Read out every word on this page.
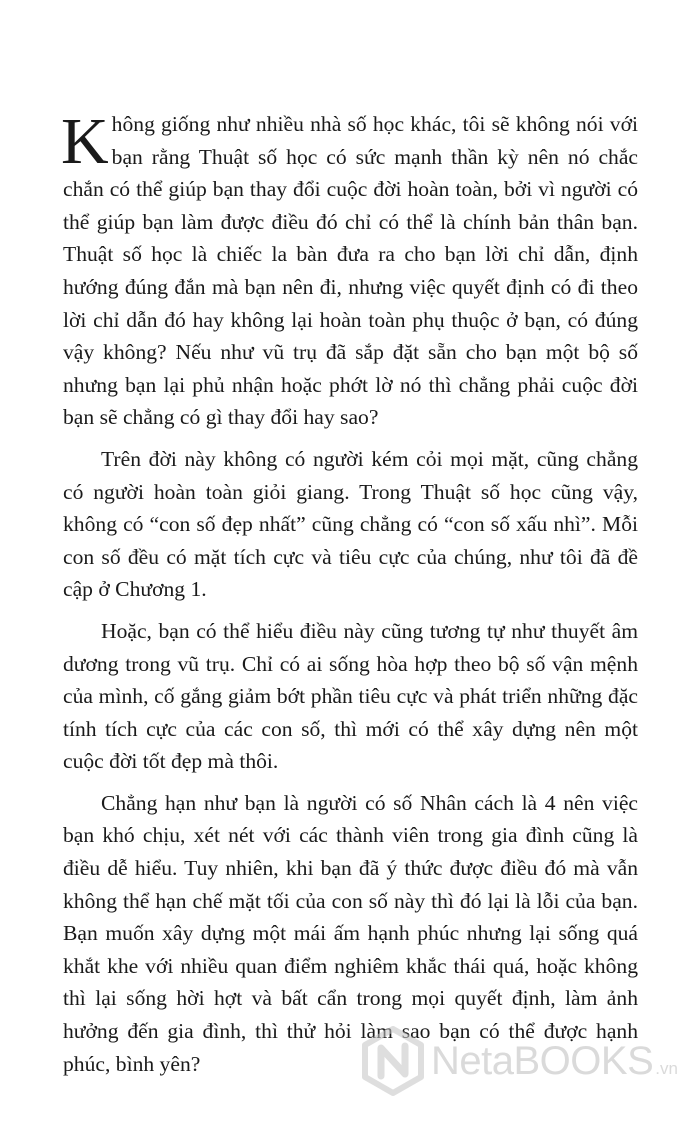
Không giống như nhiều nhà số học khác, tôi sẽ không nói với bạn rằng Thuật số học có sức mạnh thần kỳ nên nó chắc chắn có thể giúp bạn thay đổi cuộc đời hoàn toàn, bởi vì người có thể giúp bạn làm được điều đó chỉ có thể là chính bản thân bạn. Thuật số học là chiếc la bàn đưa ra cho bạn lời chỉ dẫn, định hướng đúng đắn mà bạn nên đi, nhưng việc quyết định có đi theo lời chỉ dẫn đó hay không lại hoàn toàn phụ thuộc ở bạn, có đúng vậy không? Nếu như vũ trụ đã sắp đặt sẵn cho bạn một bộ số nhưng bạn lại phủ nhận hoặc phớt lờ nó thì chẳng phải cuộc đời bạn sẽ chẳng có gì thay đổi hay sao?

Trên đời này không có người kém cỏi mọi mặt, cũng chẳng có người hoàn toàn giỏi giang. Trong Thuật số học cũng vậy, không có “con số đẹp nhất” cũng chẳng có “con số xấu nhì”. Mỗi con số đều có mặt tích cực và tiêu cực của chúng, như tôi đã đề cập ở Chương 1.

Hoặc, bạn có thể hiểu điều này cũng tương tự như thuyết âm dương trong vũ trụ. Chỉ có ai sống hòa hợp theo bộ số vận mệnh của mình, cố gắng giảm bớt phần tiêu cực và phát triển những đặc tính tích cực của các con số, thì mới có thể xây dựng nên một cuộc đời tốt đẹp mà thôi.

Chẳng hạn như bạn là người có số Nhân cách là 4 nên việc bạn khó chịu, xét nét với các thành viên trong gia đình cũng là điều dễ hiểu. Tuy nhiên, khi bạn đã ý thức được điều đó mà vẫn không thể hạn chế mặt tối của con số này thì đó lại là lỗi của bạn. Bạn muốn xây dựng một mái ấm hạnh phúc nhưng lại sống quá khắt khe với nhiều quan điểm nghiêm khắc thái quá, hoặc không thì lại sống hời hợt và bất cẩn trong mọi quyết định, làm ảnh hưởng đến gia đình, thì thử hỏi làm sao bạn có thể được hạnh phúc, bình yên?	NetaBOOKS .vn
